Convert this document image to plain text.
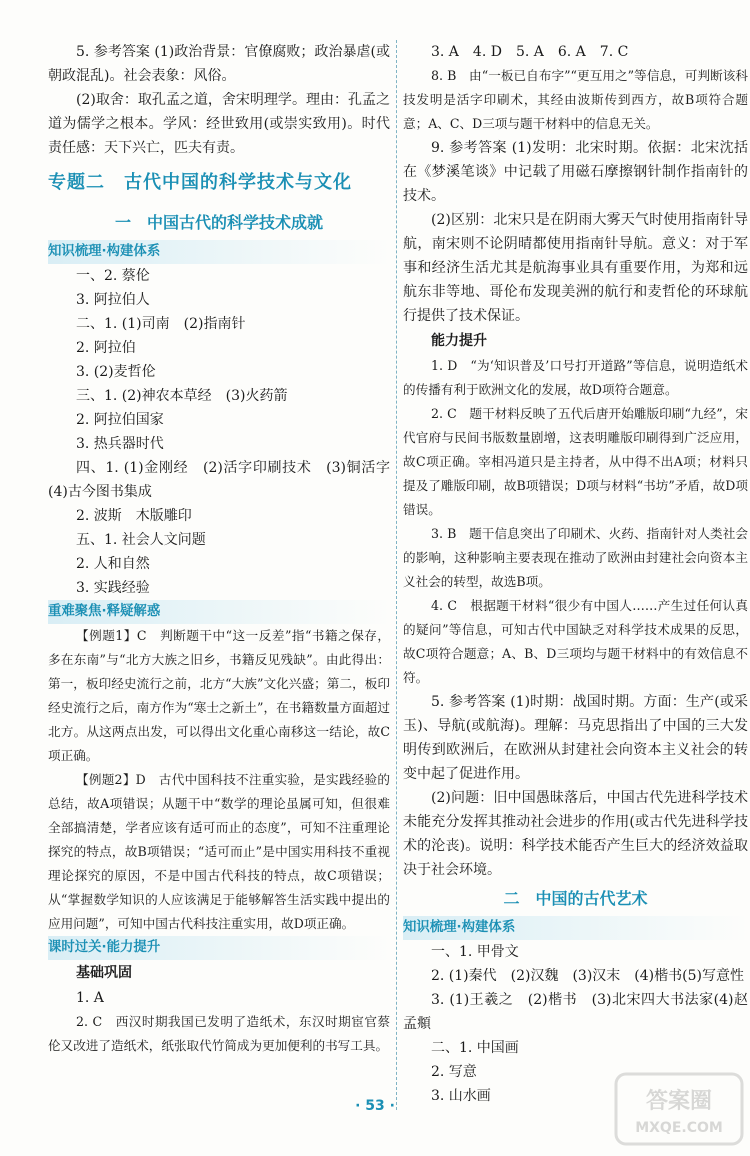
5. 参考答案 (1)政治背景：官僚腐败；政治暴虐(或朝政混乱)。社会表象：风俗。

(2)取舍：取孔孟之道，舍宋明理学。理由：孔孟之道为儒学之根本。学风：经世致用(或崇实致用)。时代责任感：天下兴亡，匹夫有责。

专题二　古代中国的科学技术与文化
一　中国古代的科学技术成就
知识梳理·构建体系

一、2. 蔡伦

3. 阿拉伯人

二、1. (1)司南　(2)指南针

2. 阿拉伯

3. (2)麦哲伦

三、1. (2)神农本草经　(3)火药箭

2. 阿拉伯国家

3. 热兵器时代

四、1. (1)金刚经　(2)活字印刷技术　(3)铜活字　(4)古今图书集成

2. 波斯　木版雕印

五、1. 社会人文问题

2. 人和自然

3. 实践经验

重难聚焦·释疑解惑

【例题1】C　判断题干中“这一反差”指“书籍之保存，多在东南”与“北方大族之旧乡，书籍反见残缺”。由此得出：第一，板印经史流行之前，北方“大族”文化兴盛；第二，板印经史流行之后，南方作为“寒士之新土”，在书籍数量方面超过北方。从这两点出发，可以得出文化重心南移这一结论，故C项正确。

【例题2】D　古代中国科技不注重实验，是实践经验的总结，故A项错误；从题干中“数学的理论虽属可知，但很难全部搞清楚，学者应该有适可而止的态度”，可知不注重理论探究的特点，故B项错误；“适可而止”是中国实用科技不重视理论探究的原因，不是中国古代科技的特点，故C项错误；从“掌握数学知识的人应该满足于能够解答生活实践中提出的应用问题”，可知中国古代科技注重实用，故D项正确。

课时过关·能力提升
基础巩固

1. A

2. C　西汉时期我国已发明了造纸术，东汉时期宦官蔡伦又改进了造纸术，纸张取代竹简成为更加便利的书写工具。

3. A　4. D　5. A　6. A　7. C

8. B　由“一板已自布字”“更互用之”等信息，可判断该科技发明是活字印刷术，其经由波斯传到西方，故B项符合题意；A、C、D三项与题干材料中的信息无关。

9. 参考答案 (1)发明：北宋时期。依据：北宋沈括在《梦溪笔谈》中记载了用磁石摩擦钢针制作指南针的技术。

(2)区别：北宋只是在阴雨大雾天气时使用指南针导航，南宋则不论阴晴都使用指南针导航。意义：对于军事和经济生活尤其是航海事业具有重要作用，为郑和远航东非等地、哥伦布发现美洲的航行和麦哲伦的环球航行提供了技术保证。

能力提升

1. D　“为‘知识普及’口号打开道路”等信息，说明造纸术的传播有利于欧洲文化的发展，故D项符合题意。

2. C　题干材料反映了五代后唐开始雕版印刷“九经”，宋代官府与民间书版数量剧增，这表明雕版印刷得到广泛应用，故C项正确。宰相冯道只是主持者，从中得不出A项；材料只提及了雕版印刷，故B项错误；D项与材料“书坊”矛盾，故D项错误。

3. B　题干信息突出了印刷术、火药、指南针对人类社会的影响，这种影响主要表现在推动了欧洲由封建社会向资本主义社会的转型，故选B项。

4. C　根据题干材料“很少有中国人……产生过任何认真的疑问”等信息，可知古代中国缺乏对科学技术成果的反思，故C项符合题意；A、B、D三项均与题干材料中的有效信息不符。

5. 参考答案 (1)时期：战国时期。方面：生产(或采玉)、导航(或航海)。理解：马克思指出了中国的三大发明传到欧洲后，在欧洲从封建社会向资本主义社会的转变中起了促进作用。

(2)问题：旧中国愚昧落后，中国古代先进科学技术未能充分发挥其推动社会进步的作用(或古代先进科学技术的沦丧)。说明：科学技术能否产生巨大的经济效益取决于社会环境。

二　中国的古代艺术
知识梳理·构建体系

一、1. 甲骨文

2. (1)秦代　(2)汉魏　(3)汉末　(4)楷书(5)写意性

3. (1)王羲之　(2)楷书　(3)北宋四大书法家(4)赵孟頫

二、1. 中国画

2. 写意

3. 山水画

· 53 ·	答案圈
MXQE.COM
